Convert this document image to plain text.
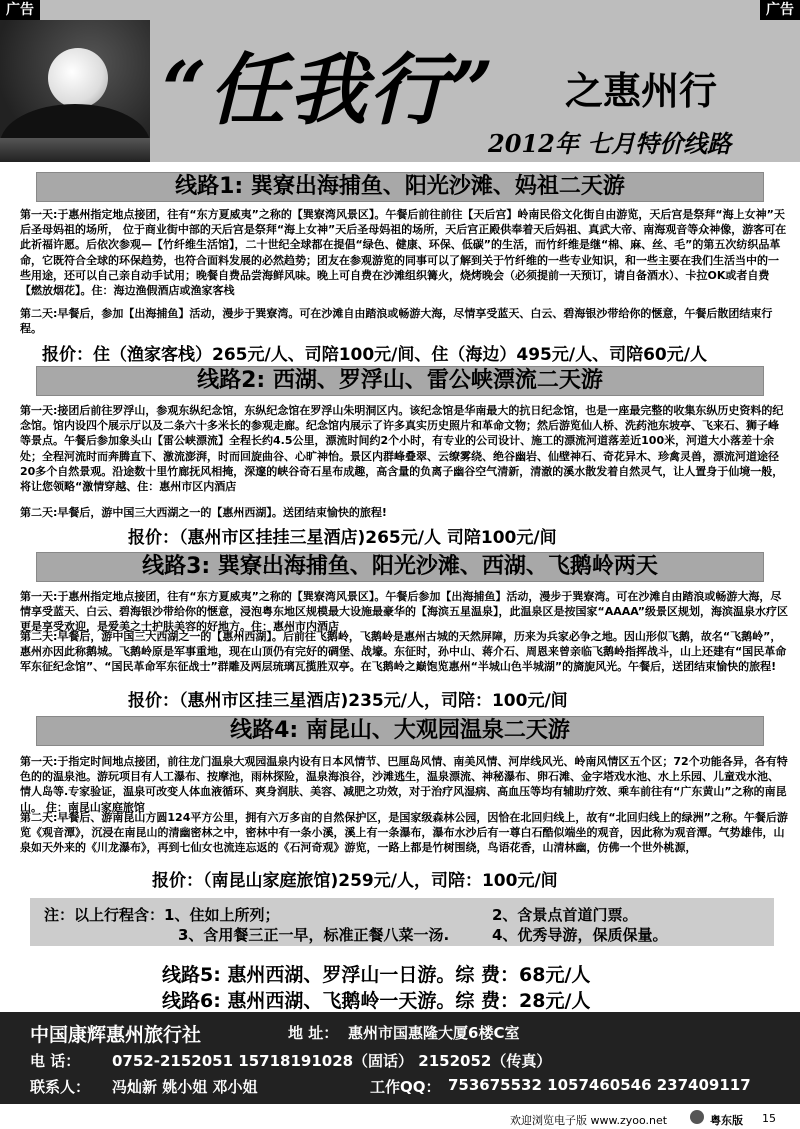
“任我行” 之惠州行
2012年 七月特价线路
广告	广告
线路1: 巽寮出海捕鱼、阳光沙滩、妈祖二天游
第一天:于惠州指定地点接团，往有“东方夏威夷”之称的【巽寮湾风景区】。午餐后前往前往【天后宫】岭南民俗文化街自由游览，天后宫是祭拜“海上女神”天后圣母妈祖的场所， 位于商业街中部的天后宫是祭拜“海上女神”天后圣母妈祖的场所，天后宫正殿供奉着天后妈祖、真武大帝、南海观音等众神像，游客可在此祈福许愿。后依次参观—【竹纤维生活馆】，二十世纪全球都在提倡“绿色、健康、环保、低碳”的生活，而竹纤维是继“棉、麻、丝、毛”的第五次纺织品革命，它既符合全球的环保趋势，也符合面料发展的必然趋势；团友在参观游览的同事可以了解到关于竹纤维的一些专业知识，和一些主要在我们生活当中的一些用途，还可以自己亲自动手试用；晚餐自费品尝海鲜风味。晚上可自费在沙滩组织篝火，烧烤晚会（必须提前一天预订，请自备酒水）、卡拉OK或者自费【燃放烟花】。住：海边渔假酒店或渔家客栈
第二天:早餐后，参加【出海捕鱼】活动，漫步于巽寮湾。可在沙滩自由踏浪或畅游大海，尽情享受蓝天、白云、碧海银沙带给你的惬意，午餐后散团结束行程。
报价：住（渔家客栈）265元/人、司陪100元/间、住（海边）495元/人、司陪60元/人
线路2: 西湖、罗浮山、雷公峡漂流二天游
第一天:接团后前往罗浮山，参观东纵纪念馆，东纵纪念馆在罗浮山朱明洞区内。该纪念馆是华南最大的抗日纪念馆，也是一座最完整的收集东纵历史资料的纪念馆。馆内设四个展示厅以及二条六十多米长的参观走廊。纪念馆内展示了许多真实历史照片和革命文物；然后游览仙人桥、洗药池东坡亭、飞来石、狮子峰等景点。午餐后参加象头山【雷公峡漂流】全程长约4.5公里，漂流时间约2个小时，有专业的公司设计、施工的漂流河道落差近100米，河道大小落差十余处；全程河流时而奔腾直下、激流澎湃，时而回旋曲谷、心旷神怡。景区内群峰叠翠、云缭雾绕、绝谷幽岩、仙壁神石、奇花异木、珍禽灵兽，漂流河道途径20多个自然景观。沿途数十里竹廊抚风相掩，深邃的峡谷奇石星布成趣，高含量的负离子幽谷空气清新，清澈的溪水散发着自然灵气，让人置身于仙境一般，将让您领略“激情穿越、住：惠州市区内酒店
第二天:早餐后，游中国三大西湖之一的【惠州西湖】。送团结束愉快的旅程!
报价：（惠州市区挂挂三星酒店)265元/人 司陪100元/间
线路3: 巽寮出海捕鱼、阳光沙滩、西湖、飞鹅岭两天
第一天:于惠州指定地点接团，往有“东方夏威夷”之称的【巽寮湾风景区】。午餐后参加【出海捕鱼】活动，漫步于巽寮湾。可在沙滩自由踏浪或畅游大海，尽情享受蓝天、白云、碧海银沙带给你的惬意，浸泡粤东地区规模最大设施最豪华的【海滨五星温泉】，此温泉区是按国家“AAAA”级景区规划，海滨温泉水疗区更是享受欢迎，是爱美之士护肤美容的好地方。住：惠州市内酒店
第二天:早餐后，游中国三大西湖之一的【惠州西湖】。后前往飞鹅岭，飞鹅岭是惠州古城的天然屏障，历来为兵家必争之地。因山形似飞鹅，故名“飞鹅岭”，惠州亦因此称鹅城。飞鹅岭原是军事重地，现在山顶仍有完好的碉堡、战壕。东征时，孙中山、蒋介石、周恩来曾亲临飞鹅岭指挥战斗，山上还建有“国民革命军东征纪念馆”、“国民革命军东征战士”群雕及两层琉璃瓦揽胜双亭。在飞鹅岭之巅饱览惠州“半城山色半城湖”的旖旎风光。午餐后，送团结束愉快的旅程!
报价：（惠州市区挂三星酒店)235元/人，司陪：100元/间
线路4: 南昆山、大观园温泉二天游
第一天:于指定时间地点接团，前往龙门温泉大观园温泉内设有日本风情节、巴厘岛风情、南美风情、河岸线风光、岭南风情区五个区；72个功能各异，各有特色的的温泉池。游玩项目有人工瀑布、按摩池，雨林探险，温泉海浪谷，沙滩逃生，温泉漂流、神秘瀑布、卵石滩、金字塔戏水池、水上乐园、儿童戏水池、情人岛等.专家验证，温泉可改变人体血液循环、爽身润肤、美容、减肥之功效，对于治疗风湿病、高血压等均有辅助疗效、乘车前往有“广东黄山”之称的南昆山。 住：南昆山家庭旅馆
第二天:早餐后、游南昆山方圆124平方公里，拥有六万多亩的自然保护区，是国家级森林公园，因恰在北回归线上，故有“北回归线上的绿洲”之称。午餐后游览《观音潭》，沉浸在南昆山的清幽密林之中，密林中有一条小溪，溪上有一条瀑布，瀑布水沙后有一尊白石酷似端坐的观音，因此称为观音潭。气势雄伟，山泉如天外来的《川龙瀑布》，再到七仙女也流连忘返的《石河奇观》游览，一路上都是竹树围绕，鸟语花香，山清林幽，仿佛一个世外桃源，
报价：（南昆山家庭旅馆)259元/人，司陪：100元/间
注：以上行程含：1、住如上所列；	2、含景点首道门票。
3、含用餐三正一早，标准正餐八菜一汤.	4、优秀导游，保质保量。
线路5: 惠州西湖、罗浮山一日游。综 费：68元/人
线路6: 惠州西湖、飞鹅岭一天游。综 费：28元/人
中国康辉惠州旅行社	地 址： 惠州市国惠隆大厦6楼C室
电 话： 0752-2152051 15718191028（固话） 2152052（传真）
联系人： 冯灿新 姚小姐 邓小姐	工作QQ： 753675532 1057460546 237409117
欢迎浏览电子版 www.zyoo.net	粤东版 15
